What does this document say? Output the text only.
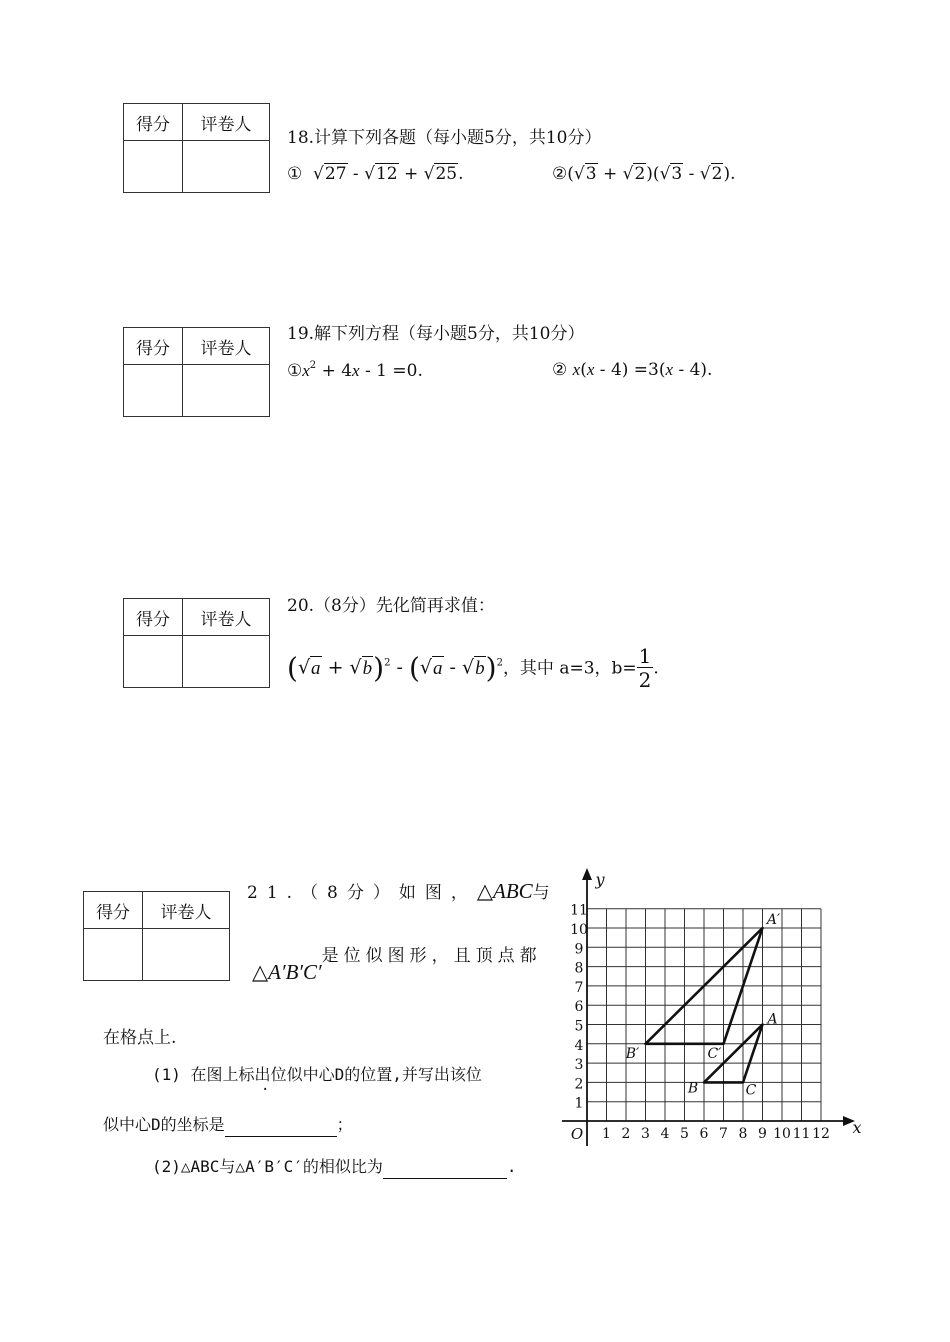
得分	评卷人

18.计算下列各题（每小题5分，共10分）
①  √27 - √12 + √25.	②(√3 + √2)(√3 - √2).
得分	评卷人

19.解下列方程（每小题5分，共10分）
$①x^2 + 4x - 1 =0$.	② x(x - 4) =3(x - 4).
得分	评卷人

20.（8分）先化简再求值：
$(√a + √b)^2 - (√a - √b)^2$，其中 a=3，$b= \frac{1}{2}$ .
得分	评卷人

21.（8分）如图，△ABC与
△A′B′C′是位似图形，且顶点都
在格点上.
(1) 在图上标出位似中心D的位置,并写出该位
似中心D的坐标是	；
(2)△ABC与△A′B′C′的相似比为	.
1 2 3 4 5 6 7 8 9 10 11 12
1
2
3
4
5
6
7
8
9
10
11
O	x
y
A
B	C
A′
B′	C′
